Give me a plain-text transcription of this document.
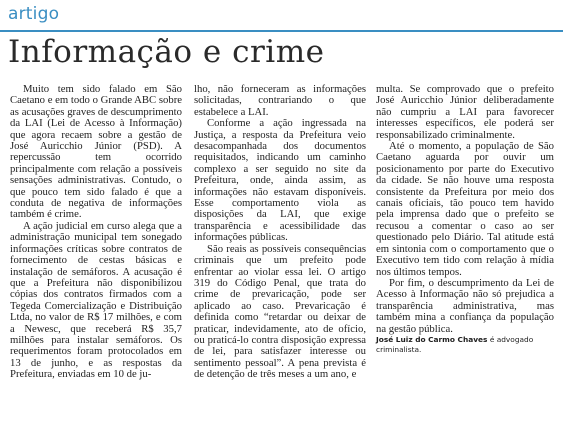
artigo
Informação e crime

Muito tem sido falado em São Caetano e em todo o Grande ABC sobre as acusações graves de descumprimento da LAI (Lei de Acesso à Informação) que agora recaem sobre a gestão de José Auricchio Júnior (PSD). A repercussão tem ocorrido principalmente com relação a possíveis sensações administrativas. Contudo, o que pouco tem sido falado é que a conduta de negativa de informações também é crime.

A ação judicial em curso alega que a administração municipal tem sonegado informações críticas sobre contratos de fornecimento de cestas básicas e instalação de semáforos. A acusação é que a Prefeitura não disponibilizou cópias dos contratos firmados com a Tegeda Comercialização e Distribuição Ltda, no valor de R$ 17 milhões, e com a Newesc, que receberá R$ 35,7 milhões para instalar semáforos. Os requerimentos foram protocolados em 13 de junho, e as respostas da Prefeitura, enviadas em 10 de ju-

lho, não forneceram as informações solicitadas, contrariando o que estabelece a LAI.

Conforme a ação ingressada na Justiça, a resposta da Prefeitura veio desacompanhada dos documentos requisitados, indicando um caminho complexo a ser seguido no site da Prefeitura, onde, ainda assim, as informações não estavam disponíveis. Esse comportamento viola as disposições da LAI, que exige transparência e acessibilidade das informações públicas.

São reais as possíveis consequências criminais que um prefeito pode enfrentar ao violar essa lei. O artigo 319 do Código Penal, que trata do crime de prevaricação, pode ser aplicado ao caso. Prevaricação é definida como “retardar ou deixar de praticar, indevidamente, ato de ofício, ou praticá-lo contra disposição expressa de lei, para satisfazer interesse ou sentimento pessoal”. A pena prevista é de detenção de três meses a um ano, e

multa. Se comprovado que o prefeito José Auricchio Júnior deliberadamente não cumpriu a LAI para favorecer interesses específicos, ele poderá ser responsabilizado criminalmente.

Até o momento, a população de São Caetano aguarda por ouvir um posicionamento por parte do Executivo da cidade. Se não houve uma resposta consistente da Prefeitura por meio dos canais oficiais, tão pouco tem havido pela imprensa dado que o prefeito se recusou a comentar o caso ao ser questionado pelo Diário. Tal atitude está em sintonia com o comportamento que o Executivo tem tido com relação à mídia nos últimos tempos.

Por fim, o descumprimento da Lei de Acesso à Informação não só prejudica a transparência administrativa, mas também mina a confiança da população na gestão pública.

José Luiz do Carmo Chaves é advogado criminalista.
